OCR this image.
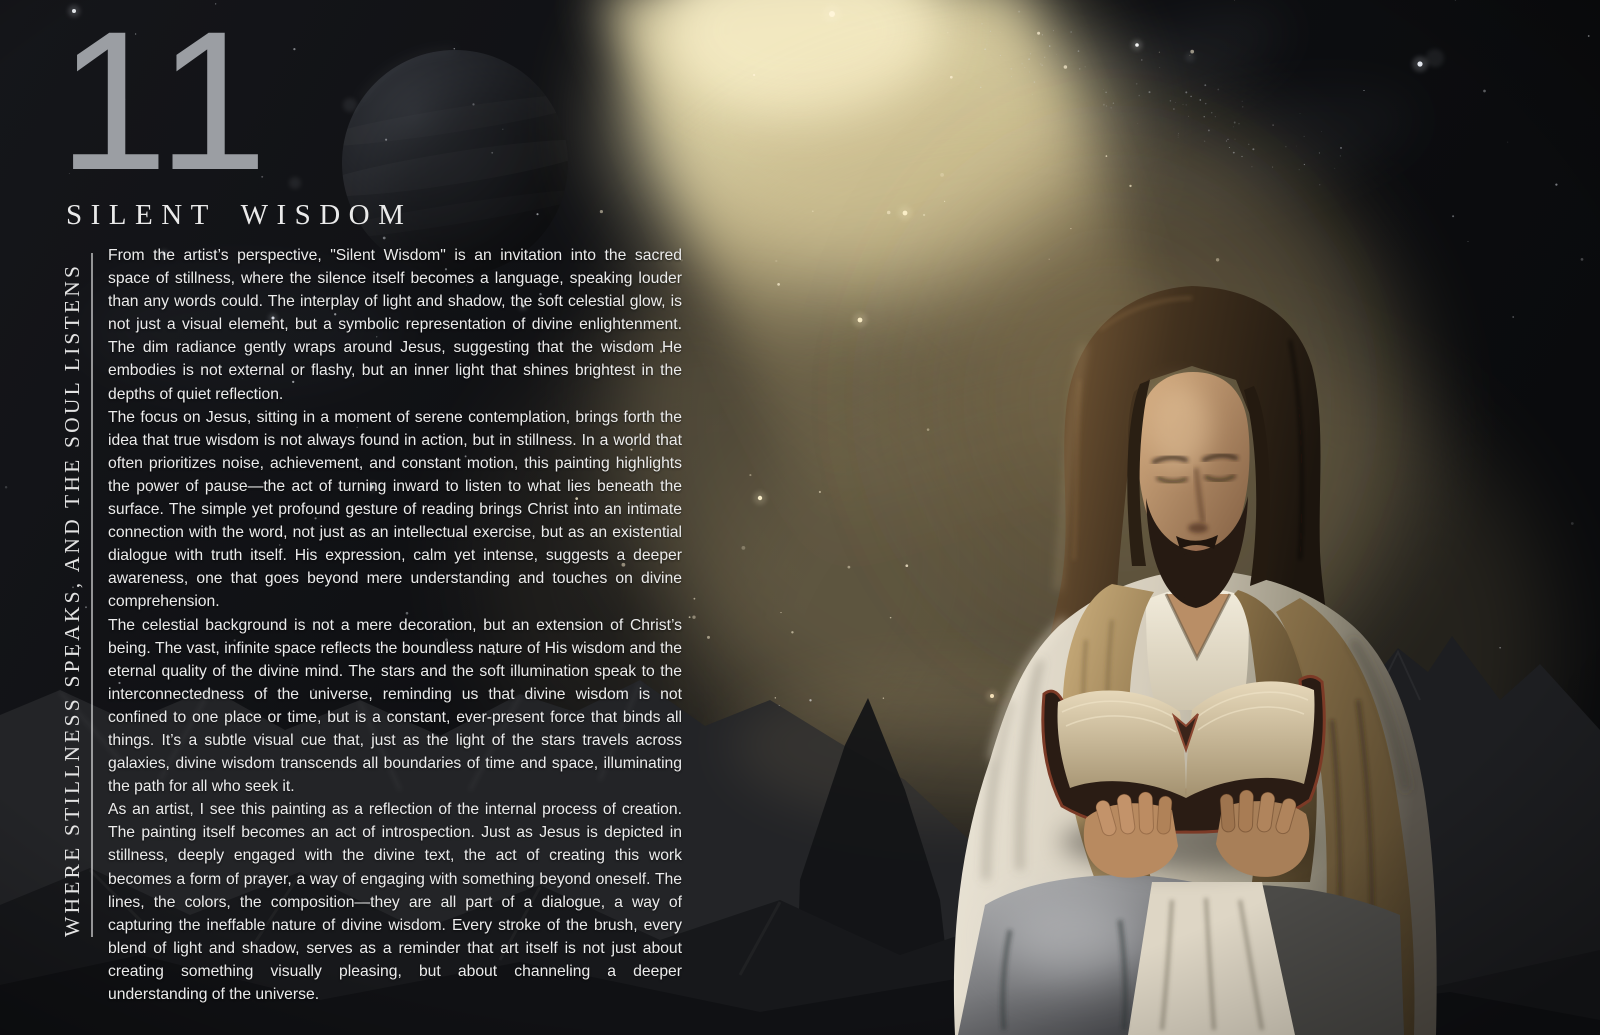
11
SILENT WISDOM
WHERE STILLNESS SPEAKS, AND THE SOUL LISTENS

From the artist’s perspective, "Silent Wisdom" is an invitation into the sacred space of stillness, where the silence itself becomes a language, speaking louder than any words could. The interplay of light and shadow, the soft celestial glow, is not just a visual element, but a symbolic representation of divine enlightenment. The dim radiance gently wraps around Jesus, suggesting that the wisdom He embodies is not external or flashy, but an inner light that shines brightest in the depths of quiet reflection.

The focus on Jesus, sitting in a moment of serene contemplation, brings forth the idea that true wisdom is not always found in action, but in stillness. In a world that often prioritizes noise, achievement, and constant motion, this painting highlights the power of pause—the act of turning inward to listen to what lies beneath the surface. The simple yet profound gesture of reading brings Christ into an intimate connection with the word, not just as an intellectual exercise, but as an existential dialogue with truth itself. His expression, calm yet intense, suggests a deeper awareness, one that goes beyond mere understanding and touches on divine comprehension.

The celestial background is not a mere decoration, but an extension of Christ’s being. The vast, infinite space reflects the boundless nature of His wisdom and the eternal quality of the divine mind. The stars and the soft illumination speak to the interconnectedness of the universe, reminding us that divine wisdom is not confined to one place or time, but is a constant, ever-present force that binds all things. It’s a subtle visual cue that, just as the light of the stars travels across galaxies, divine wisdom transcends all boundaries of time and space, illuminating the path for all who seek it.

As an artist, I see this painting as a reflection of the internal process of creation. The painting itself becomes an act of introspection. Just as Jesus is depicted in stillness, deeply engaged with the divine text, the act of creating this work becomes a form of prayer, a way of engaging with something beyond oneself. The lines, the colors, the composition—they are all part of a dialogue, a way of capturing the ineffable nature of divine wisdom. Every stroke of the brush, every blend of light and shadow, serves as a reminder that art itself is not just about creating something visually pleasing, but about channeling a deeper understanding of the universe.
